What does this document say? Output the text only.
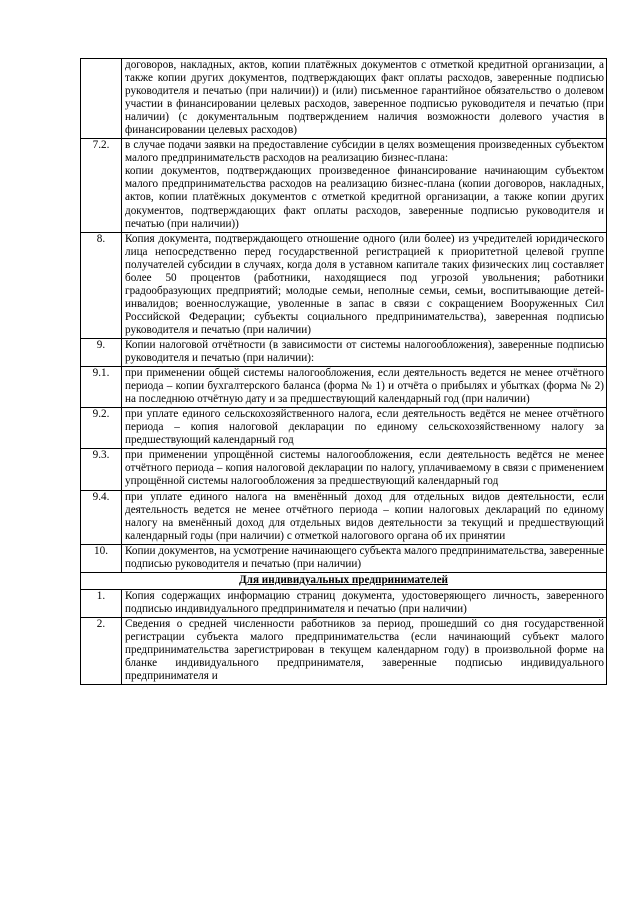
	договоров, накладных, актов, копии платёжных документов с отметкой кредитной организации, а также копии других документов, подтверждающих факт оплаты расходов, заверенные подписью руководителя и печатью (при наличии)) и (или) письменное гарантийное обязательство о долевом участии в финансировании целевых расходов, заверенное подписью руководителя и печатью (при наличии) (с документальным подтверждением наличия возможности долевого участия в финансировании целевых расходов)
7.2.	в случае подачи заявки на предоставление субсидии в целях возмещения произведенных субъектом малого предпринимательств расходов на реализацию бизнес-плана:
копии документов, подтверждающих произведенное финансирование начинающим субъектом малого предпринимательства расходов на реализацию бизнес-плана (копии договоров, накладных, актов, копии платёжных документов с отметкой кредитной организации, а также копии других документов, подтверждающих факт оплаты расходов, заверенные подписью руководителя и печатью (при наличии))
8.	Копия документа, подтверждающего отношение одного (или более) из учредителей юридического лица непосредственно перед государственной регистрацией к приоритетной целевой группе получателей субсидии в случаях, когда доля в уставном капитале таких физических лиц составляет более 50 процентов (работники, находящиеся под угрозой увольнения; работники градообразующих предприятий; молодые семьи, неполные семьи, семьи, воспитывающие детей-инвалидов; военнослужащие, уволенные в запас в связи с сокращением Вооруженных Сил Российской Федерации; субъекты социального предпринимательства), заверенная подписью руководителя и печатью (при наличии)
9.	Копии налоговой отчётности (в зависимости от системы налогообложения), заверенные подписью руководителя и печатью (при наличии):
9.1.	при применении общей системы налогообложения, если деятельность ведется не менее отчётного периода – копии бухгалтерского баланса (форма № 1) и отчёта о прибылях и убытках (форма № 2) на последнюю отчётную дату и за предшествующий календарный год (при наличии)
9.2.	при уплате единого сельскохозяйственного налога, если деятельность ведётся не менее отчётного периода – копия налоговой декларации по единому сельскохозяйственному налогу за предшествующий календарный год
9.3.	при применении упрощённой системы налогообложения, если деятельность ведётся не менее отчётного периода – копия налоговой декларации по налогу, уплачиваемому в связи с применением упрощённой системы налогообложения за предшествующий календарный год
9.4.	при уплате единого налога на вменённый доход для отдельных видов деятельности, если деятельность ведется не менее отчётного периода – копии налоговых деклараций по единому налогу на вменённый доход для отдельных видов деятельности за текущий и предшествующий календарный годы (при наличии) с отметкой налогового органа об их принятии
10.	Копии документов, на усмотрение начинающего субъекта малого предпринимательства, заверенные подписью руководителя и печатью (при наличии)
Для индивидуальных предпринимателей	
1.	Копия содержащих информацию страниц документа, удостоверяющего личность, заверенного подписью индивидуального предпринимателя и печатью (при наличии)
2.	Сведения о средней численности работников за период, прошедший со дня государственной регистрации субъекта малого предпринимательства (если начинающий субъект малого предпринимательства зарегистрирован в текущем календарном году) в произвольной форме на бланке индивидуального предпринимателя, заверенные подписью индивидуального предпринимателя и
